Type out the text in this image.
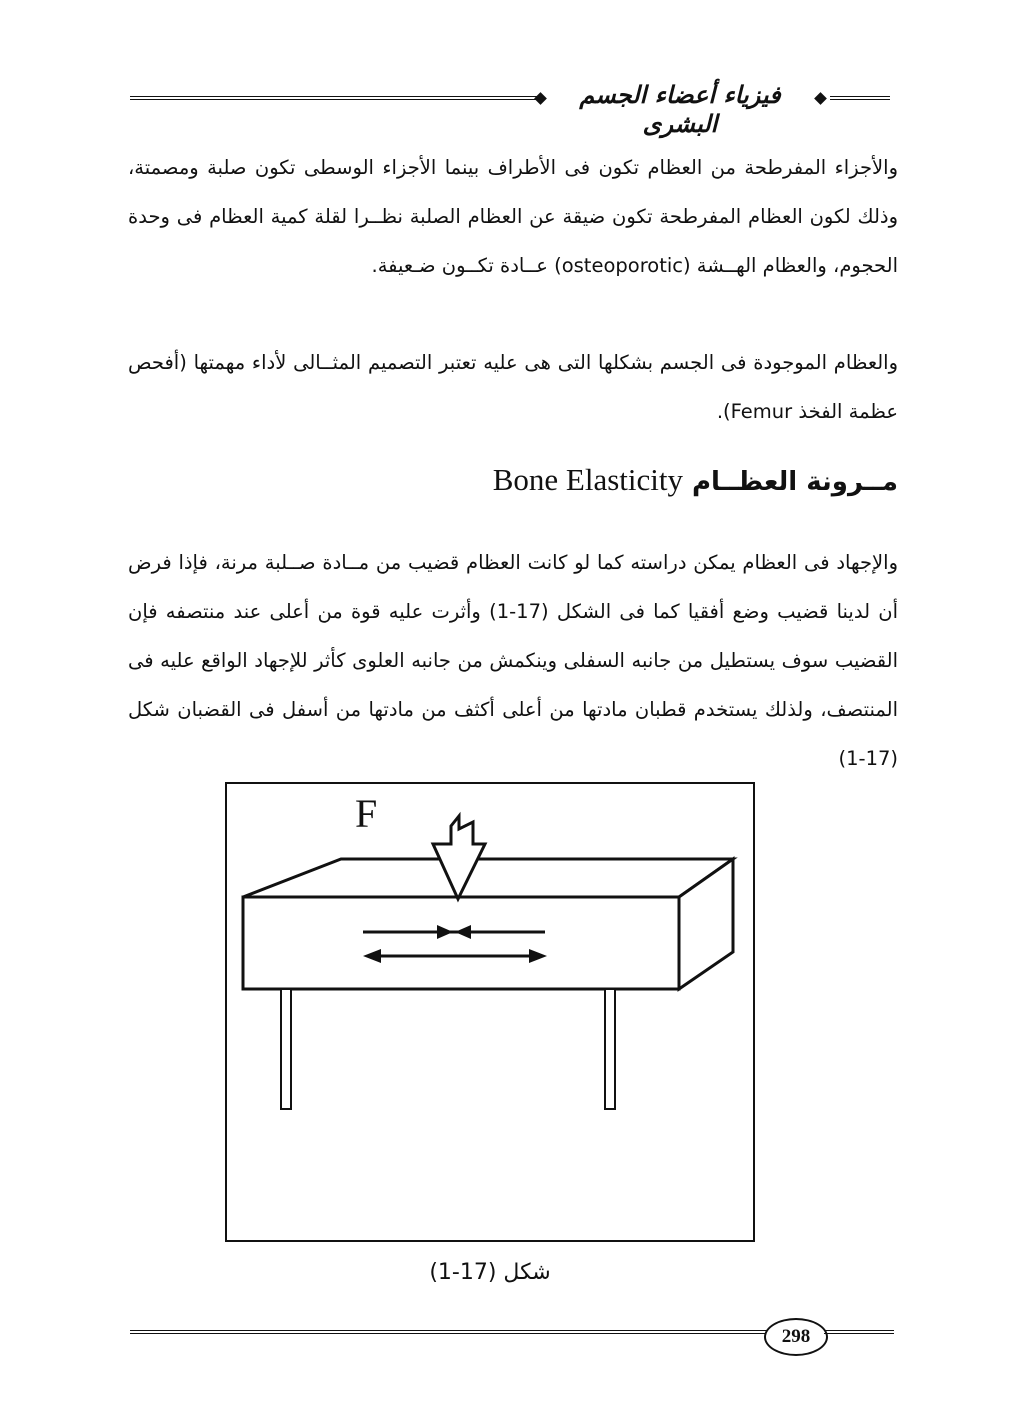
فيزياء أعضاء الجسم البشرى
والأجزاء المفرطحة من العظام تكون فى الأطراف بينما الأجزاء الوسطى تكون صلبة ومصمتة، وذلك لكون العظام المفرطحة تكون ضيقة عن العظام الصلبة نظــرا لقلة كمية العظام فى وحدة الحجوم، والعظام الهــشة (osteoporotic) عــادة تكــون ضـعيفة.
والعظام الموجودة فى الجسم بشكلها التى هى عليه تعتبر التصميم المثــالى لأداء مهمتها (أفحص عظمة الفخذ Femur).
مــرونة العظــام Bone Elasticity
والإجهاد فى العظام يمكن دراسته كما لو كانت العظام قضيب من مــادة صــلبة مرنة، فإذا فرض أن لدينا قضيب وضع أفقيا كما فى الشكل (17-1) وأثرت عليه قوة من أعلى عند منتصفه فإن القضيب سوف يستطيل من جانبه السفلى وينكمش من جانبه العلوى كأثر للإجهاد الواقع عليه فى المنتصف، ولذلك يستخدم قطبان مادتها من أعلى أكثف من مادتها من أسفل فى القضبان شكل (17-1)
F
شكل (17-1)
298
